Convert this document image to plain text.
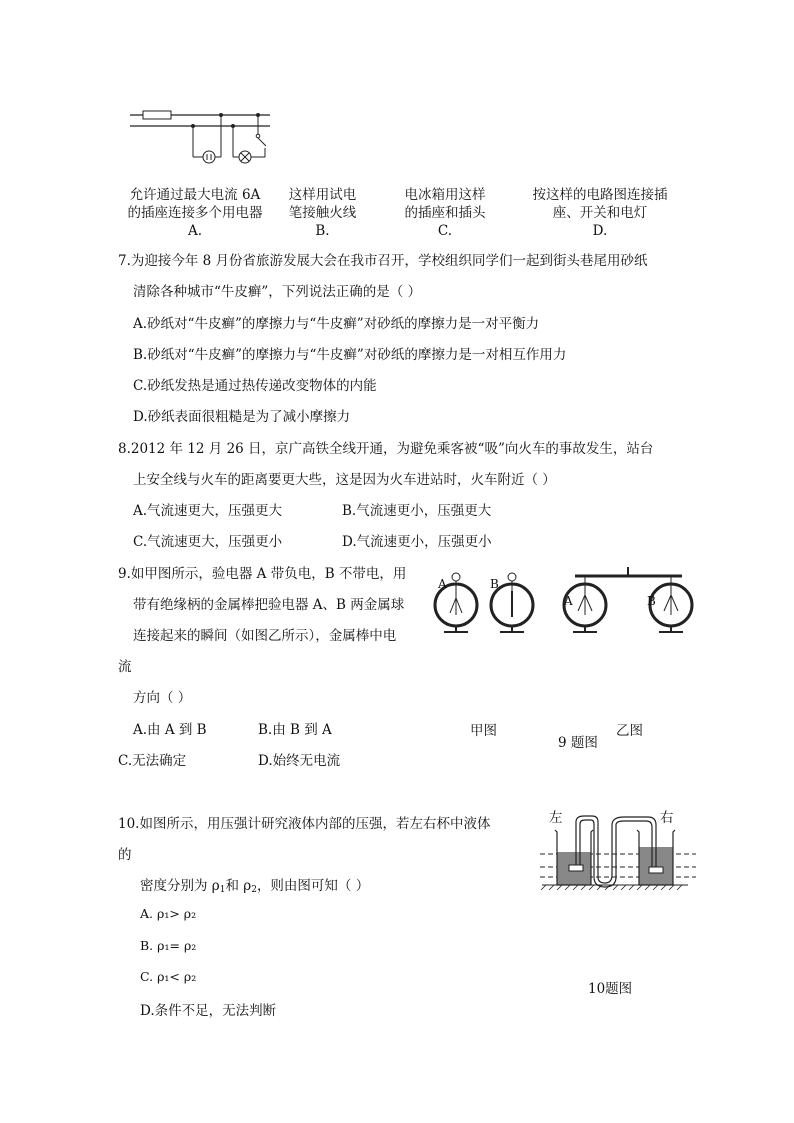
允许通过最大电流 6A
的插座连接多个用电器
A.
这样用试电
笔接触火线
B.
电冰箱用这样
的插座和插头
C.
按这样的电路图连接插
座、开关和电灯
D.
7.为迎接今年 8 月份省旅游发展大会在我市召开，学校组织同学们一起到街头巷尾用砂纸
清除各种城市“牛皮癣”，下列说法正确的是（ ）
A.砂纸对“牛皮癣”的摩擦力与“牛皮癣”对砂纸的摩擦力是一对平衡力
B.砂纸对“牛皮癣”的摩擦力与“牛皮癣”对砂纸的摩擦力是一对相互作用力
C.砂纸发热是通过热传递改变物体的内能
D.砂纸表面很粗糙是为了减小摩擦力
8.2012 年 12 月 26 日，京广高铁全线开通，为避免乘客被“吸”向火车的事故发生，站台
上安全线与火车的距离要更大些，这是因为火车进站时，火车附近（ ）
A.气流速更大，压强更大	B.气流速更小，压强更大
C.气流速更大，压强更小	D.气流速更小，压强更小
9.如甲图所示，验电器 A 带负电，B 不带电，用
带有绝缘柄的金属棒把验电器 A、B 两金属球
连接起来的瞬间（如图乙所示），金属棒中电
流
方向（ ）
A.由 A 到 B	B.由 B 到 A
C.无法确定	D.始终无电流
A	B
A	B
甲图
9 题图
乙图
10.如图所示，用压强计研究液体内部的压强，若左右杯中液体
的
密度分别为 $\rho_1$和 $\rho_2$，则由图可知（ ）
A. ρ₁> ρ₂
B. ρ₁= ρ₂
C. ρ₁< ρ₂
D.条件不足，无法判断
左	右
10题图
